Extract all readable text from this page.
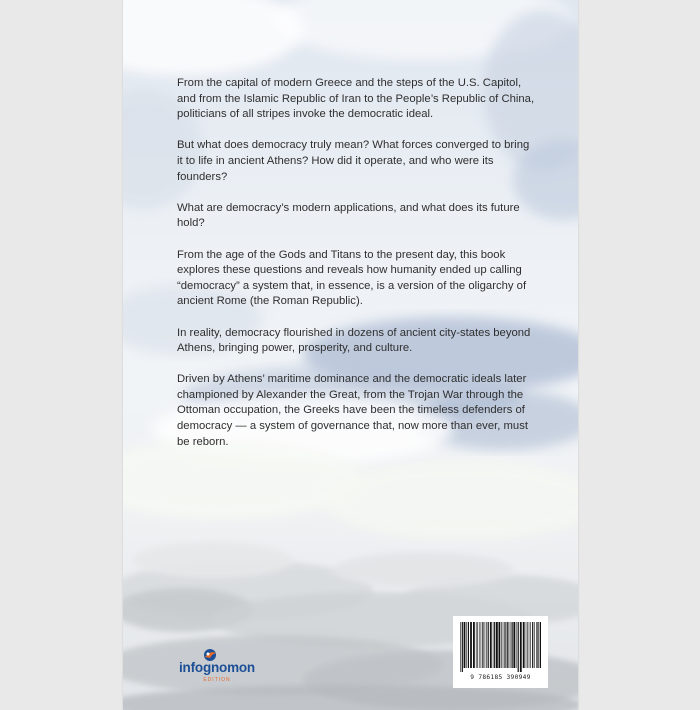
From the capital of modern Greece and the steps of the U.S. Capitol, and from the Islamic Republic of Iran to the People’s Republic of China, politicians of all stripes invoke the democratic ideal.

But what does democracy truly mean? What forces converged to bring it to life in ancient Athens? How did it operate, and who were its founders?

What are democracy’s modern applications, and what does its future hold?

From the age of the Gods and Titans to the present day, this book explores these questions and reveals how humanity ended up calling “democracy” a system that, in essence, is a version of the oligarchy of ancient Rome (the Roman Republic).

In reality, democracy flourished in dozens of ancient city-states beyond Athens, bringing power, prosperity, and culture.

Driven by Athens’ maritime dominance and the democratic ideals later championed by Alexander the Great, from the Trojan War through the Ottoman occupation, the Greeks have been the timeless defenders of democracy — a system of governance that, now more than ever, must be reborn.

infognomon
EDITION	9 786185 390949
